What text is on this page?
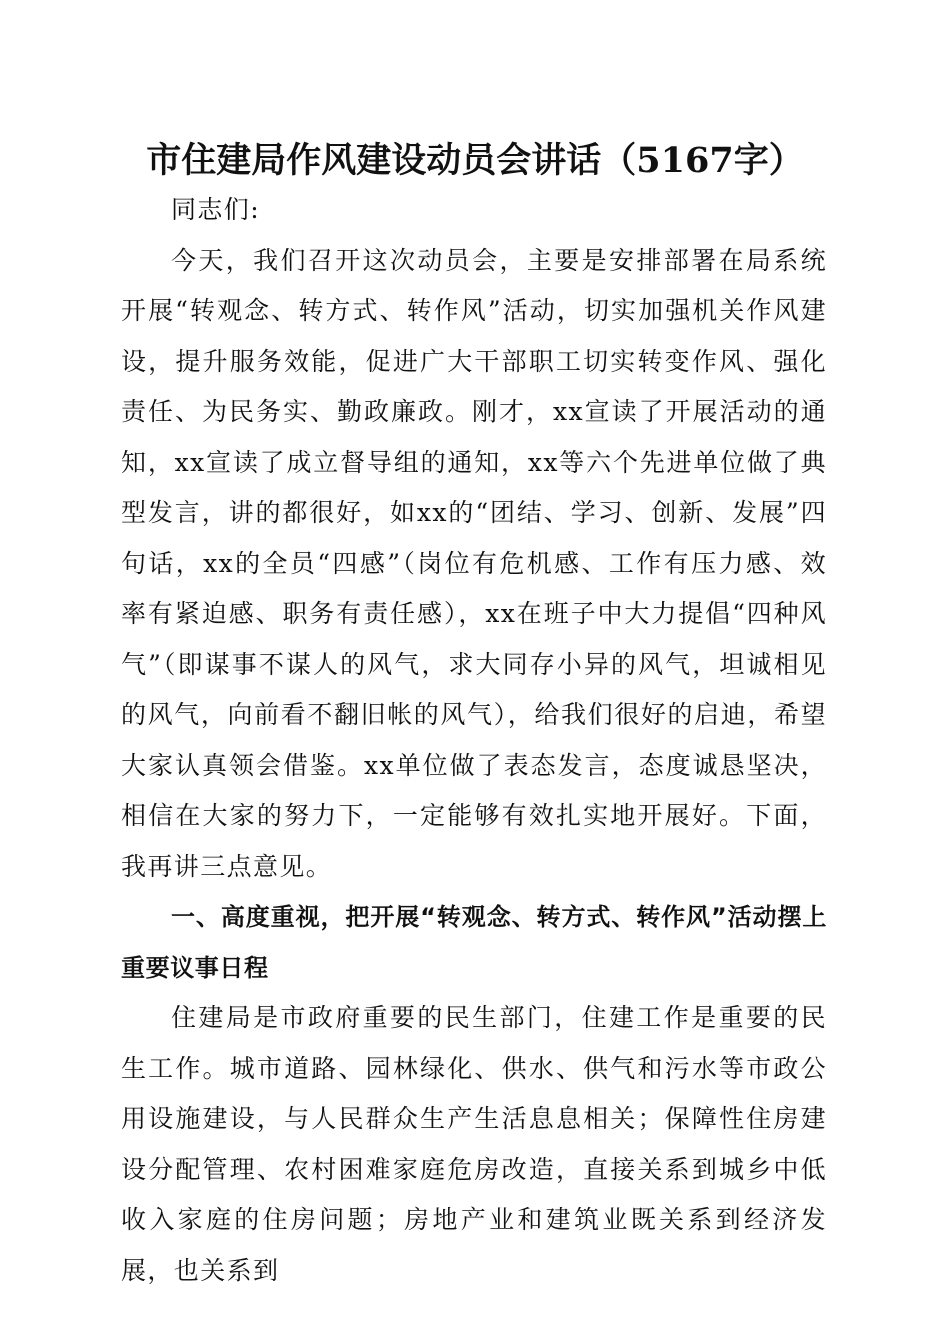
市住建局作风建设动员会讲话（5167字）

同志们:

今天，我们召开这次动员会，主要是安排部署在局系统开展“转观念、转方式、转作风”活动，切实加强机关作风建设，提升服务效能，促进广大干部职工切实转变作风、强化责任、为民务实、勤政廉政。刚才，xx宣读了开展活动的通知，xx宣读了成立督导组的通知，xx等六个先进单位做了典型发言，讲的都很好，如xx的“团结、学习、创新、发展”四句话，xx的全员“四感”（岗位有危机感、工作有压力感、效率有紧迫感、职务有责任感），xx在班子中大力提倡“四种风气”（即谋事不谋人的风气，求大同存小异的风气，坦诚相见的风气，向前看不翻旧帐的风气），给我们很好的启迪，希望大家认真领会借鉴。xx单位做了表态发言，态度诚恳坚决，相信在大家的努力下，一定能够有效扎实地开展好。下面，我再讲三点意见。

一、高度重视，把开展“转观念、转方式、转作风”活动摆上重要议事日程

住建局是市政府重要的民生部门，住建工作是重要的民生工作。城市道路、园林绿化、供水、供气和污水等市政公用设施建设，与人民群众生产生活息息相关；保障性住房建设分配管理、农村困难家庭危房改造，直接关系到城乡中低收入家庭的住房问题；房地产业和建筑业既关系到经济发展，也关系到
